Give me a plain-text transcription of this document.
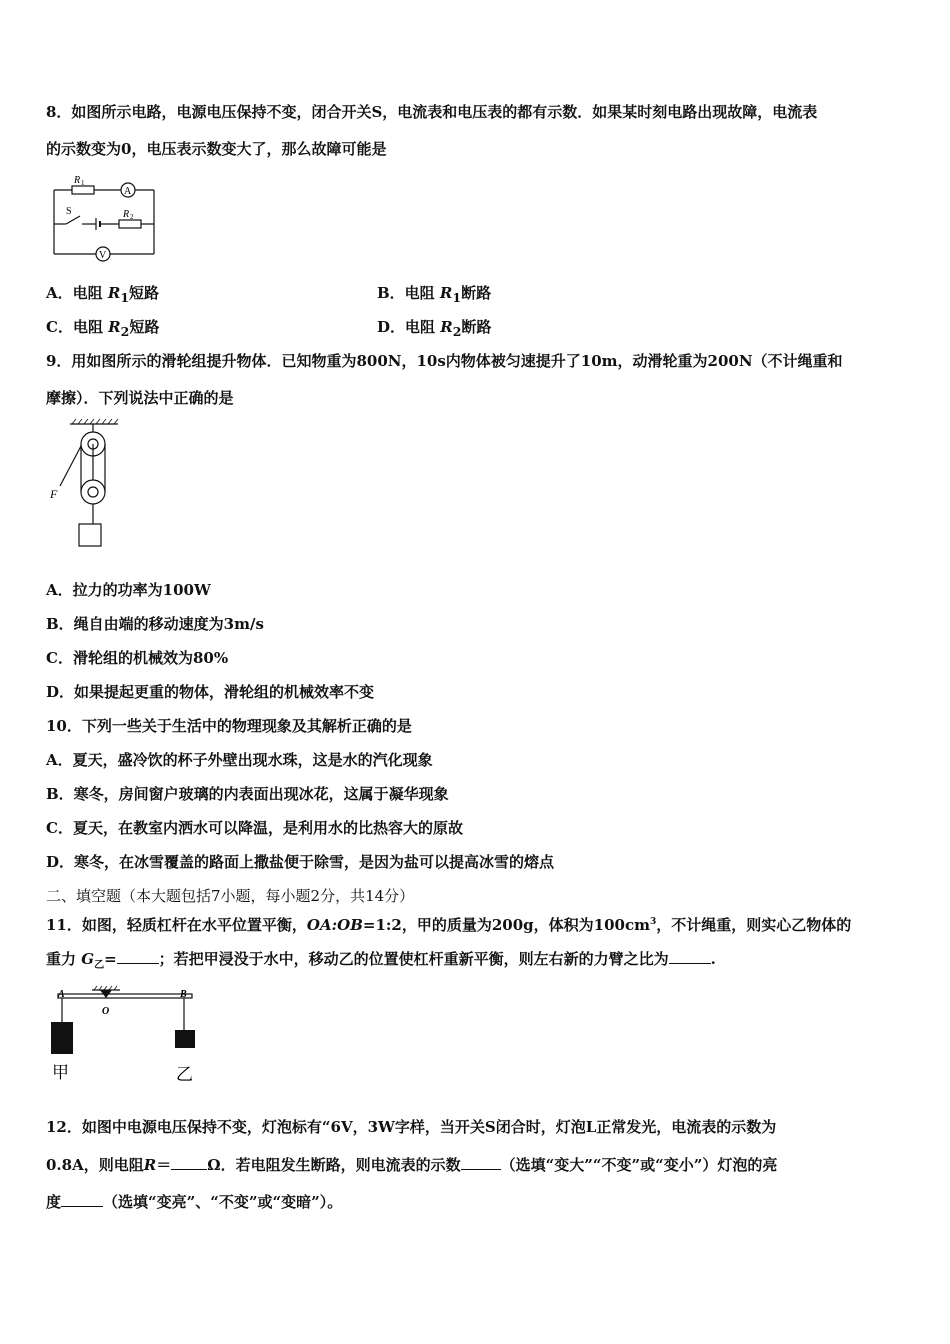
8．如图所示电路，电源电压保持不变，闭合开关S，电流表和电压表的都有示数．如果某时刻电路出现故障，电流表
的示数变为0，电压表示数变大了，那么故障可能是
R 1
A
S	R 2
V
A．电阻 $R_1$短路	B．电阻 $R_1$断路
C．电阻 $R_2$短路	D．电阻 $R_2$断路
9．用如图所示的滑轮组提升物体．已知物重为800N，10s内物体被匀速提升了10m，动滑轮重为200N（不计绳重和
摩擦）．下列说法中正确的是
F
A．拉力的功率为100W
B．绳自由端的移动速度为3m/s
C．滑轮组的机械效为80%
D．如果提起更重的物体，滑轮组的机械效率不变
10．下列一些关于生活中的物理现象及其解析正确的是
A．夏天，盛冷饮的杯子外壁出现水珠，这是水的汽化现象
B．寒冬，房间窗户玻璃的内表面出现冰花，这属于凝华现象
C．夏天，在教室内洒水可以降温，是利用水的比热容大的原故
D．寒冬，在冰雪覆盖的路面上撒盐便于除雪，是因为盐可以提高冰雪的熔点
二、填空题（本大题包括7小题，每小题2分，共14分）
11．如图，轻质杠杆在水平位置平衡，OA:OB=1:2，甲的质量为200g，体积为$100cm^3$，不计绳重，则实心乙物体的
重力 $G_乙=$	；若把甲浸没于水中，移动乙的位置使杠杆重新平衡，则左右新的力臂之比为	.
A	B
O
甲	乙
12．如图中电源电压保持不变，灯泡标有“6V，3W字样，当开关S闭合时，灯泡L正常发光，电流表的示数为
0.8A，则电阻R＝ Ω．若电阻发生断路，则电流表的示数	（选填“变大”“不变”或“变小”）灯泡的亮
度	（选填“变亮”、“不变”或“变暗”）。
